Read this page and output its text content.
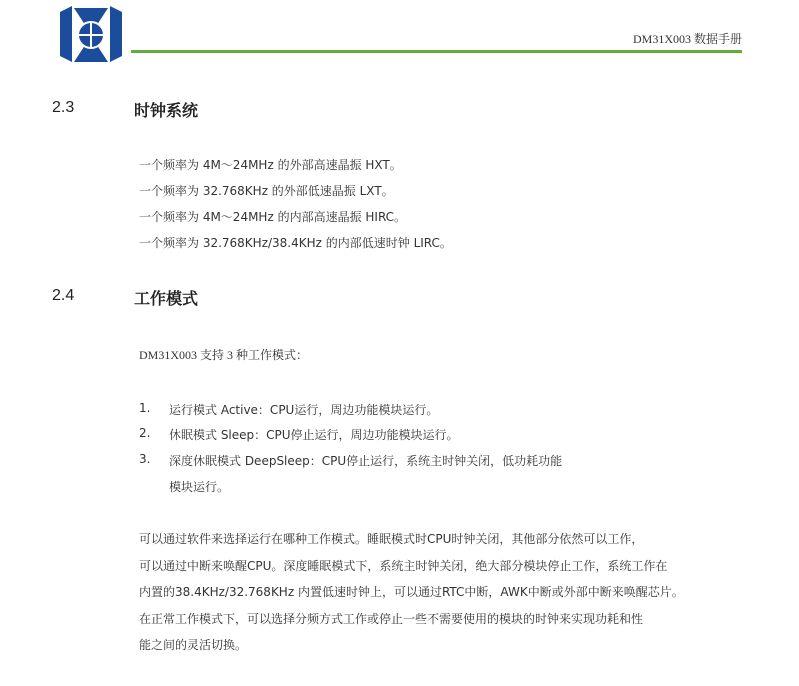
DM31X003 数据手册
2.3	时钟系统
一个频率为 4M～24MHz 的外部高速晶振 HXT。
一个频率为 32.768KHz 的外部低速晶振 LXT。
一个频率为 4M～24MHz 的内部高速晶振 HIRC。
一个频率为 32.768KHz/38.4KHz 的内部低速时钟 LIRC。
2.4	工作模式
DM31X003 支持 3 种工作模式：
1. 运行模式 Active：CPU运行，周边功能模块运行。
2. 休眠模式 Sleep：CPU停止运行，周边功能模块运行。
3. 深度休眠模式 DeepSleep：CPU停止运行，系统主时钟关闭，低功耗功能
模块运行。
可以通过软件来选择运行在哪种工作模式。睡眠模式时CPU时钟关闭，其他部分依然可以工作，
可以通过中断来唤醒CPU。深度睡眠模式下，系统主时钟关闭，绝大部分模块停止工作，系统工作在
内置的38.4KHz/32.768KHz 内置低速时钟上，可以通过RTC中断，AWK中断或外部中断来唤醒芯片。
在正常工作模式下，可以选择分频方式工作或停止一些不需要使用的模块的时钟来实现功耗和性
能之间的灵活切换。
